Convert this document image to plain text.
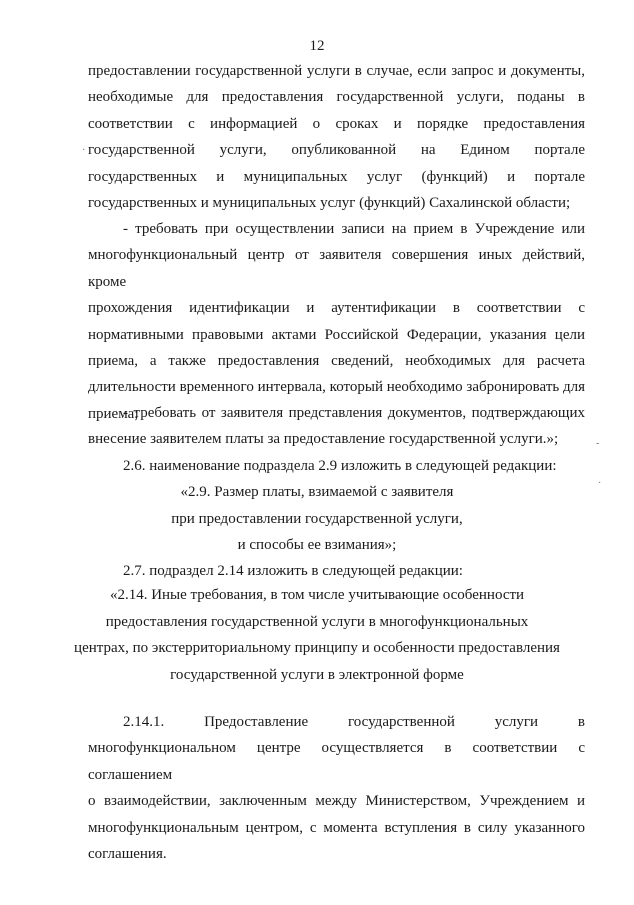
12
предоставлении государственной услуги в случае, если запрос и документы,
необходимые для предоставления государственной услуги, поданы в
соответствии с информацией о сроках и порядке предоставления
государственной услуги, опубликованной на Едином портале
государственных и муниципальных услуг (функций) и портале
государственных и муниципальных услуг (функций) Сахалинской области;
- требовать при осуществлении записи на прием в Учреждение или
многофункциональный центр от заявителя совершения иных действий, кроме
прохождения идентификации и аутентификации в соответствии с
нормативными правовыми актами Российской Федерации, указания цели
приема, а также предоставления сведений, необходимых для расчета
длительности временного интервала, который необходимо забронировать для
приема;
- требовать от заявителя представления документов, подтверждающих
внесение заявителем платы за предоставление государственной услуги.»;
2.6. наименование подраздела 2.9 изложить в следующей редакции:
«2.9. Размер платы, взимаемой с заявителя
при предоставлении государственной услуги,
и способы ее взимания»;
2.7. подраздел 2.14 изложить в следующей редакции:
«2.14. Иные требования, в том числе учитывающие особенности
предоставления государственной услуги в многофункциональных
центрах, по экстерриториальному принципу и особенности предоставления
государственной услуги в электронной форме
2.14.1. Предоставление государственной услуги в
многофункциональном центре осуществляется в соответствии с соглашением
о взаимодействии, заключенным между Министерством, Учреждением и
многофункциональным центром, с момента вступления в силу указанного
соглашения.
-
·
·
